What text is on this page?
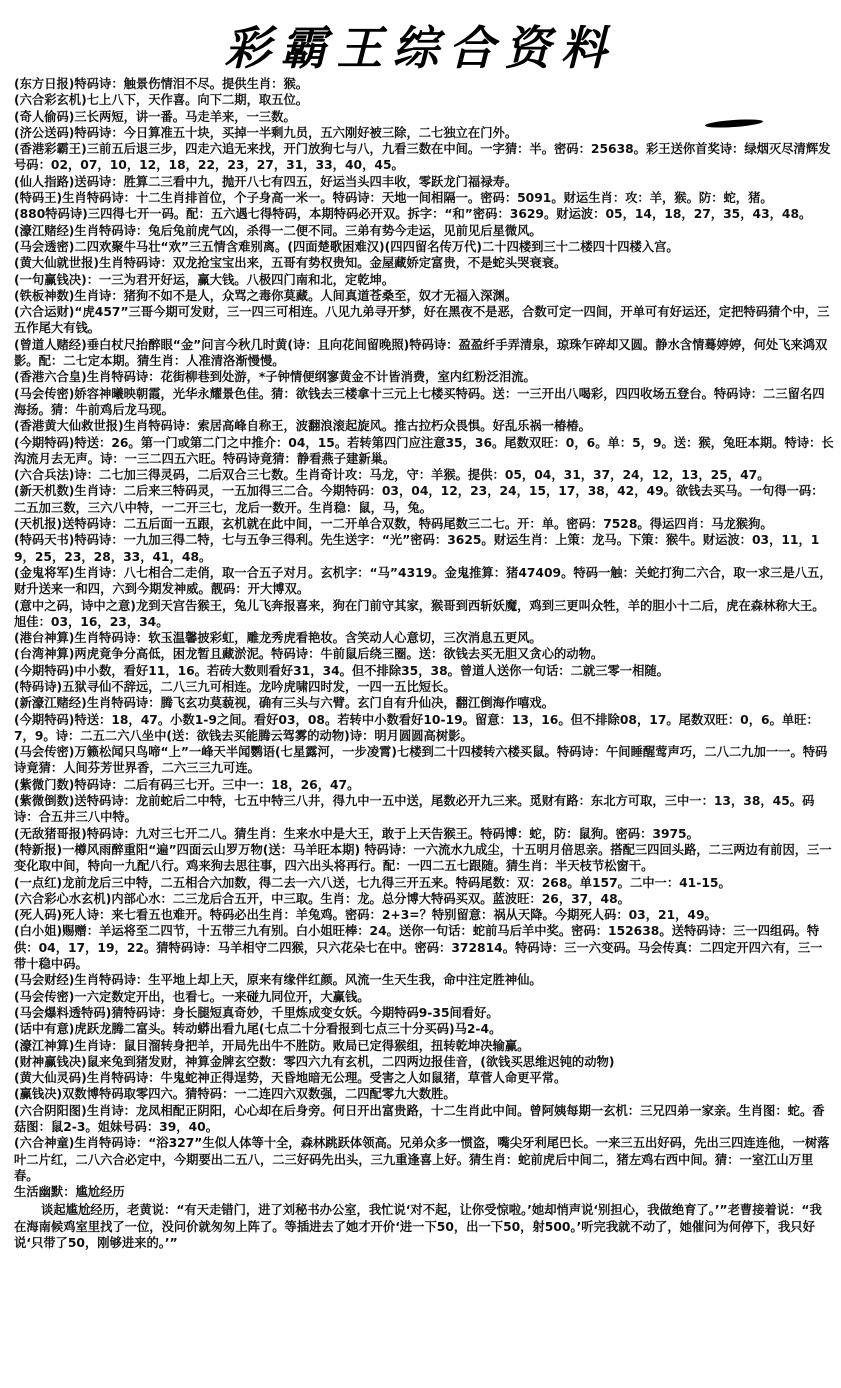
彩霸王综合资料

(东方日报)特码诗：触景伤情泪不尽。提供生肖：猴。

(六合彩玄机)七上八下，天作喜。向下二期，取五位。

(奇人偷码)三长两短，讲一番。马走羊来，一三数。

(济公送码)特码诗：今日算准五十块，买掉一半剩九员，五六刚好被三除，二七独立在门外。

(香港彩霸王)三前五后退三步，四走六追无来找，开门放狗七与八，九看三数在中间。一字猜：半。密码：25638。彩王送你首奖诗：绿烟灭尽清辉发 号码：02，07，10，12，18，22，23，27，31，33，40，45。

(仙人指路)送码诗：胜算二三看中九，抛开八七有四五，好运当头四丰收，零跃龙门福禄寿。

(特码王)生肖特码诗：十二生肖排首位，个子身高一米一。特码诗：天地一间相隔一。密码：5091。财运生肖：攻：羊，猴。防：蛇，猪。

(880特码诗)三四得七开一码。配：五六遇七得特码，本期特码必开双。拆字：“和”密码：3629。财运波：05，14，18，27，35，43，48。

(濠江赌经)生肖特码诗：兔后兔前虎气凶，杀得一二便不同。三弟有势今走运，见前见后星微风。

(马会透密)二四欢聚牛马壮“欢”三五情含难别离。(四面楚歌困难汉)(四四留名传万代)二十四楼到三十二楼四十四楼入宫。

(黄大仙就世报)生肖特码诗：双龙抢宝宝出来，五哥有势权贵知。金屋藏娇定富贵，不是蛇头哭衰衰。

(一句赢钱决)：一三为君开好运，赢大钱。八极四门南和北，定乾坤。

(铁板神数)生肖诗：猪狗不如不是人，众骂之毒你莫藏。人间真道苍桑至，奴才无福入深渊。

(六合运财)“虎457”三哥今期可发财，三一四三可相连。八见九弟寻开梦，好在黑夜不是恶，合数可定一四间，开单可有好运还，定把特码猜个中，三五作尾大有钱。

(曾道人赌经)垂白杖尺抬醉眼“金”问言今秋几时黄(诗：且向花间留晚照)特码诗：盈盈纤手弄清泉，琼珠乍碎却又圆。静水含情蓦婷婷，何处飞来鸿双影。配：二七定本期。猜生肖：人准清洛渐慢慢。

(香港六合皇)生肖特码诗：花街柳巷到处游，*子钟情便纲寥黄金不计皆消费，室内红粉泛泪流。

(马会传密)娇容神曦映朝霞，光华永耀景色佳。猜：欲钱去三楼拿十三元上七楼买特码。送：一三开出八喝彩，四四收场五登台。特码诗：二三留名四海扬。猜：牛前鸡后龙马现。

(香港黄大仙救世报)生肖特码诗：索居高峰自称王，波翻浪滚起旋风。推古拉朽众畏惧。好乱乐祸一椿椿。

(今期特码)特送：26。第一门或第二门之中推介：04，15。若转第四门应注意35，36。尾数双旺：0，6。单：5，9。送：猴，兔旺本期。特诗：长沟流月去无声。诗：一三二四五六旺。特码诗竟猜：静看燕子建新巢。

(六合兵法)诗：二七加三得灵码，二后双合三七数。生肖奇计攻：马龙，守：羊猴。提供：05，04，31，37，24，12，13，25，47。

(新天机数)生肖诗：二后来三特码灵，一五加得三二合。今期特码：03，04，12，23，24，15，17，38，42，49。欲钱去买马。一句得一码：二五加三数，三六八中特，一二开三七，龙后一数开。生肖稳：鼠，马，兔。

(天机报)送特码诗：二五后面一五跟，玄机就在此中间，一二开单合双数，特码尾数三二七。开：单。密码：7528。得运四肖：马龙猴狗。

(特码天书)特码诗：一九加三得二特，七与五争三得利。先生送字：“光”密码：3625。财运生肖：上策：龙马。下策：猴牛。财运波：03，11，19，25，23，28，33，41，48。

(金鬼将军)生肖诗：八七相合二走俏，取一合五子对月。玄机字：“马”4319。金鬼推算：猪47409。特码一触：关蛇打狗二六合，取一求三是八五，财升送来一和四，六到今期发神威。靓码：开大博双。

(意中之码，诗中之意)龙到天宫告猴王，兔儿飞奔报喜来，狗在门前守其家，猴哥到西斩妖魔，鸡到三更叫众牲，羊的胆小十二后，虎在森林称大王。旭佳：03，16，23，34。

(港台神算)生肖特码诗：软玉温馨披彩虹，雕龙秀虎看艳妆。含笑动人心意切，三次消息五更风。

(台湾神算)两虎竟争分高低，困龙暂且藏淤泥。特码诗：牛前鼠后绕三圈。送：欲钱去买无胆又贪心的动物。

(今期特码)中小数，看好11，16。若砖大数则看好31，34。但不排除35，38。曾道人送你一句话：二就三零一相随。

(特码诗)五狱寻仙不辞远，二八三九可相连。龙吟虎啸四时发，一四一五比短长。

(新濠江赌经)生肖特码诗：腾飞玄功莫藐视，确有三头与六臂。玄门自有升仙决，翻江倒海作嘻戏。

(今期特码)特送：18，47。小数1-9之间。看好03，08。若转中小数看好10-19。留意：13，16。但不排除08，17。尾数双旺：0，6。单旺：7，9。诗：二五二六八坐中(送：欲钱去买能腾云驾雾的动物)诗：明月圆圆高树影。

(马会传密)万籁松闻只鸟啼“上”一峰天半闻鹦语(七星露河，一步凌霄)七楼到二十四楼转六楼买鼠。特码诗：午间睡醒莺声巧，二八二九加一一。特码诗竟猜：人间芬芳世界香，二六三三九可连。

(紫微门数)特码诗：二后有码三七开。三中一：18，26，47。

(紫微倒数)送特码诗：龙前蛇后二中特，七五中特三八井，得九中一五中送，尾数必开九三来。觅财有路：东北方可取，三中一：13，38，45。码诗：合五井三八中特。

(无敌猪哥报)特码诗：九对三七开二八。猜生肖：生来水中是大王，敢于上天告猴王。特码博：蛇，防：鼠狗。密码：3975。

(特新报)一樽风雨醉重阳“遍”四面云山罗万物(送：马羊旺本期) 特码诗：一六流水九成尘，十五明月倍思亲。搭配三四回头路，二三两边有前因，三一变化取中间，特向一九配八行。鸡来狗去思往事，四六出头将再行。配：一四二五七跟随。猜生肖：半天枝节松窗干。

(一点红)龙前龙后三中特，二五相合六加数，得二去一六八送，七九得三开五来。特码尾数：双：268。单157。二中一：41-15。

(六合彩心水玄机)内部心水：二三龙后合五开，中三取。生肖：龙。总分博大特码买双。蓝波旺：26，37，48。

(死人码)死人诗：来七看五也难开。特码必出生肖：羊兔鸡。密码：2+3=？特别留意：祸从天降。今期死人码：03，21，49。

(白小姐)赐赠：羊运将至二四节，十五带三九有别。白小姐旺棒：24。送你一句话：蛇前马后羊中奖。密码：152638。送特码诗：三一四组码。特供：04，17，19，22。猜特码诗：马羊相守二四猴，只六花朵七在中。密码：372814。特码诗：三一六变码。马会传真：二四定开四六有，三一带十稳中码。

(马会财经)生肖特码诗：生平地上却上天，原来有缘伴红颜。风流一生天生我，命中注定胜神仙。

(马会传密)一六定数定开出，也看七。一来碰九同位开，大赢钱。

(马会爆料透特码)猜特码诗：身长腿短真奇妙，千里炼成变女妖。今期特码9-35间看好。

(话中有意)虎跃龙腾二富头。转动蟒出看九尾(七点二十分看报到七点三十分买码)马2-4。

(濠江神算)生肖诗：鼠目溜转身把羊，开局先出牛不胜防。败局已定得猴组，扭转乾坤决输赢。

(财神赢钱决)鼠来兔到猪发财，神算金牌玄空数：零四六九有玄机，二四两边报佳音，(欲钱买思维迟钝的动物)

(黄大仙灵码)生肖特码诗：牛鬼蛇神正得逞势，天昏地暗无公理。受害之人如鼠猪，草菅人命更平常。

(赢钱决)双数博特码取零四六。猜特码：一二连四六双数强，二四配零九大数胜。

(六合阴阳图)生肖诗：龙凤相配正阴阳，心心却在后身旁。何日开出富贵路，十二生肖此中间。曾阿姨每期一玄机：三兄四弟一家亲。生肖图：蛇。香菇图：鼠2-3。姐妹号码：39，40。

(六合神童)生肖特码诗：“浴327”生似人体等十全，森林跳跃体领高。兄弟众多一惯盗，嘴尖牙利尾巴长。一来三五出好码，先出三四连连他，一树落叶二片红，二八六合必定中，今期要出二五八，二三好码先出头，三九重逢喜上好。猜生肖：蛇前虎后中间二，猪左鸡右西中间。猜：一室江山万里春。

生活幽默：尴尬经历

谈起尴尬经历，老黄说：“有天走错门，进了刘秘书办公室，我忙说‘对不起，让你受惊啦。’她却悄声说‘别担心，我做绝育了。’”老曹接着说：“我在海南候鸡室里找了一位，没问价就匆匆上阵了。等插进去了她才开价‘进一下50，出一下50，射500。’听完我就不动了，她催问为何停下，我只好说‘只带了50，刚够进来的。’”
